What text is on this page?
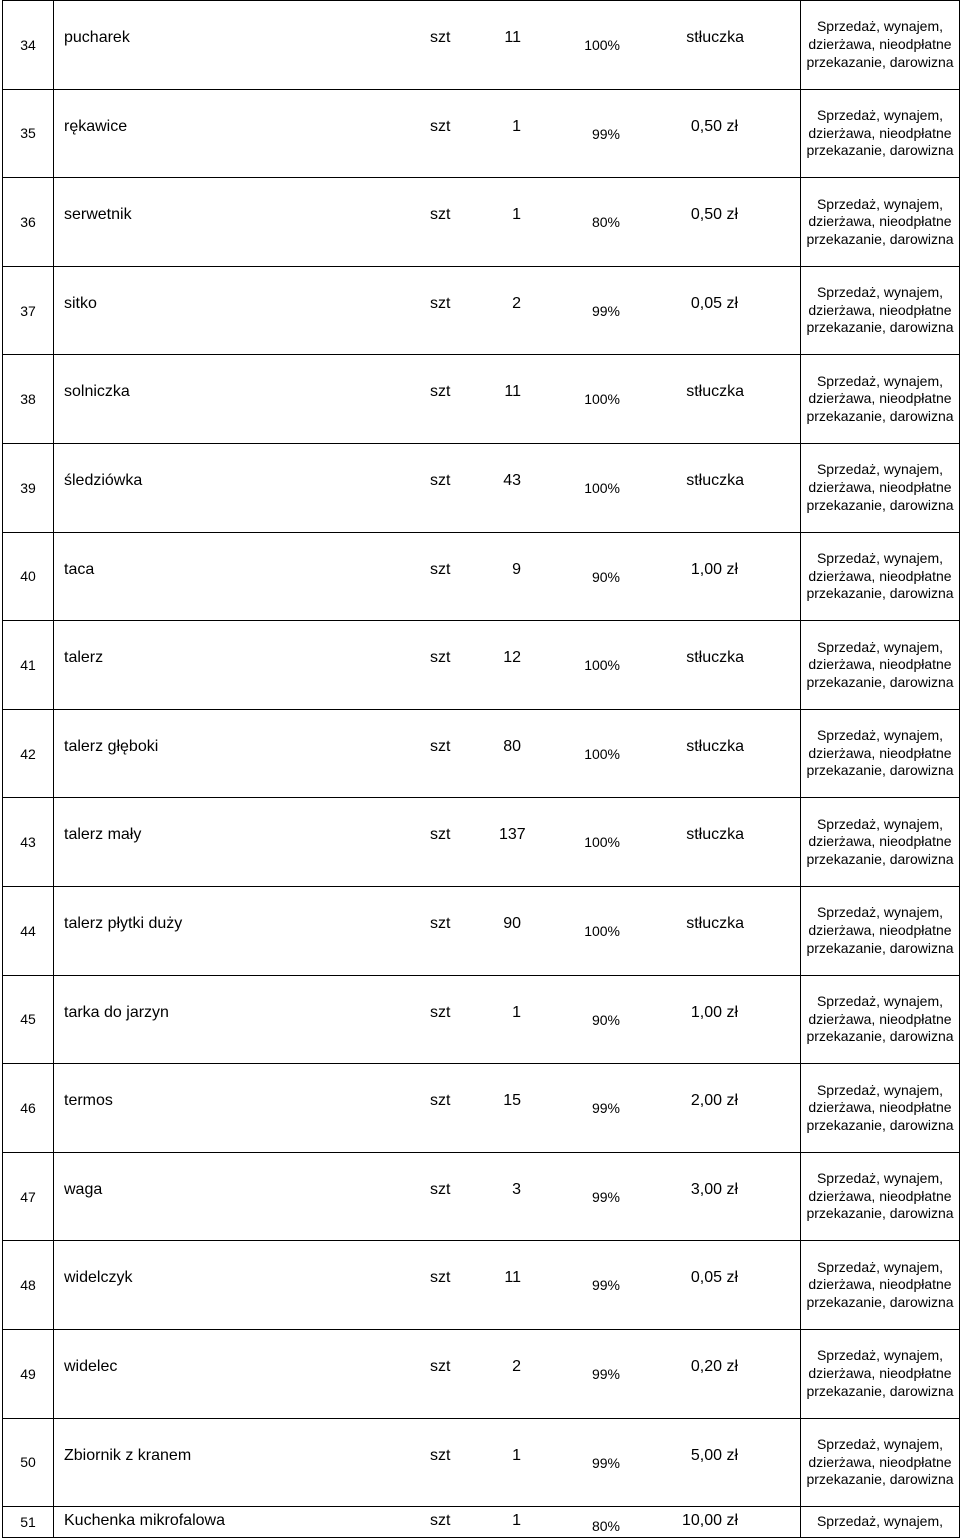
34	pucharek szt 11 100% stłuczka	Sprzedaż, wynajem, dzierżawa, nieodpłatne przekazanie, darowizna
35	rękawice szt 1 99% 0,50 zł	Sprzedaż, wynajem, dzierżawa, nieodpłatne przekazanie, darowizna
36	serwetnik szt 1 80% 0,50 zł	Sprzedaż, wynajem, dzierżawa, nieodpłatne przekazanie, darowizna
37	sitko szt 2 99% 0,05 zł	Sprzedaż, wynajem, dzierżawa, nieodpłatne przekazanie, darowizna
38	solniczka szt 11 100% stłuczka	Sprzedaż, wynajem, dzierżawa, nieodpłatne przekazanie, darowizna
39	śledziówka szt 43 100% stłuczka	Sprzedaż, wynajem, dzierżawa, nieodpłatne przekazanie, darowizna
40	taca szt 9 90% 1,00 zł	Sprzedaż, wynajem, dzierżawa, nieodpłatne przekazanie, darowizna
41	talerz szt 12 100% stłuczka	Sprzedaż, wynajem, dzierżawa, nieodpłatne przekazanie, darowizna
42	talerz głęboki szt 80 100% stłuczka	Sprzedaż, wynajem, dzierżawa, nieodpłatne przekazanie, darowizna
43	talerz mały szt 137 100% stłuczka	Sprzedaż, wynajem, dzierżawa, nieodpłatne przekazanie, darowizna
44	talerz płytki duży szt 90 100% stłuczka	Sprzedaż, wynajem, dzierżawa, nieodpłatne przekazanie, darowizna
45	tarka do jarzyn szt 1 90% 1,00 zł	Sprzedaż, wynajem, dzierżawa, nieodpłatne przekazanie, darowizna
46	termos szt 15 99% 2,00 zł	Sprzedaż, wynajem, dzierżawa, nieodpłatne przekazanie, darowizna
47	waga szt 3 99% 3,00 zł	Sprzedaż, wynajem, dzierżawa, nieodpłatne przekazanie, darowizna
48	widelczyk szt 11 99% 0,05 zł	Sprzedaż, wynajem, dzierżawa, nieodpłatne przekazanie, darowizna
49	widelec szt 2 99% 0,20 zł	Sprzedaż, wynajem, dzierżawa, nieodpłatne przekazanie, darowizna
50	Zbiornik z kranem szt 1 99% 5,00 zł	Sprzedaż, wynajem, dzierżawa, nieodpłatne przekazanie, darowizna
51	Kuchenka mikrofalowa szt 1 80% 10,00 zł	Sprzedaż, wynajem,
